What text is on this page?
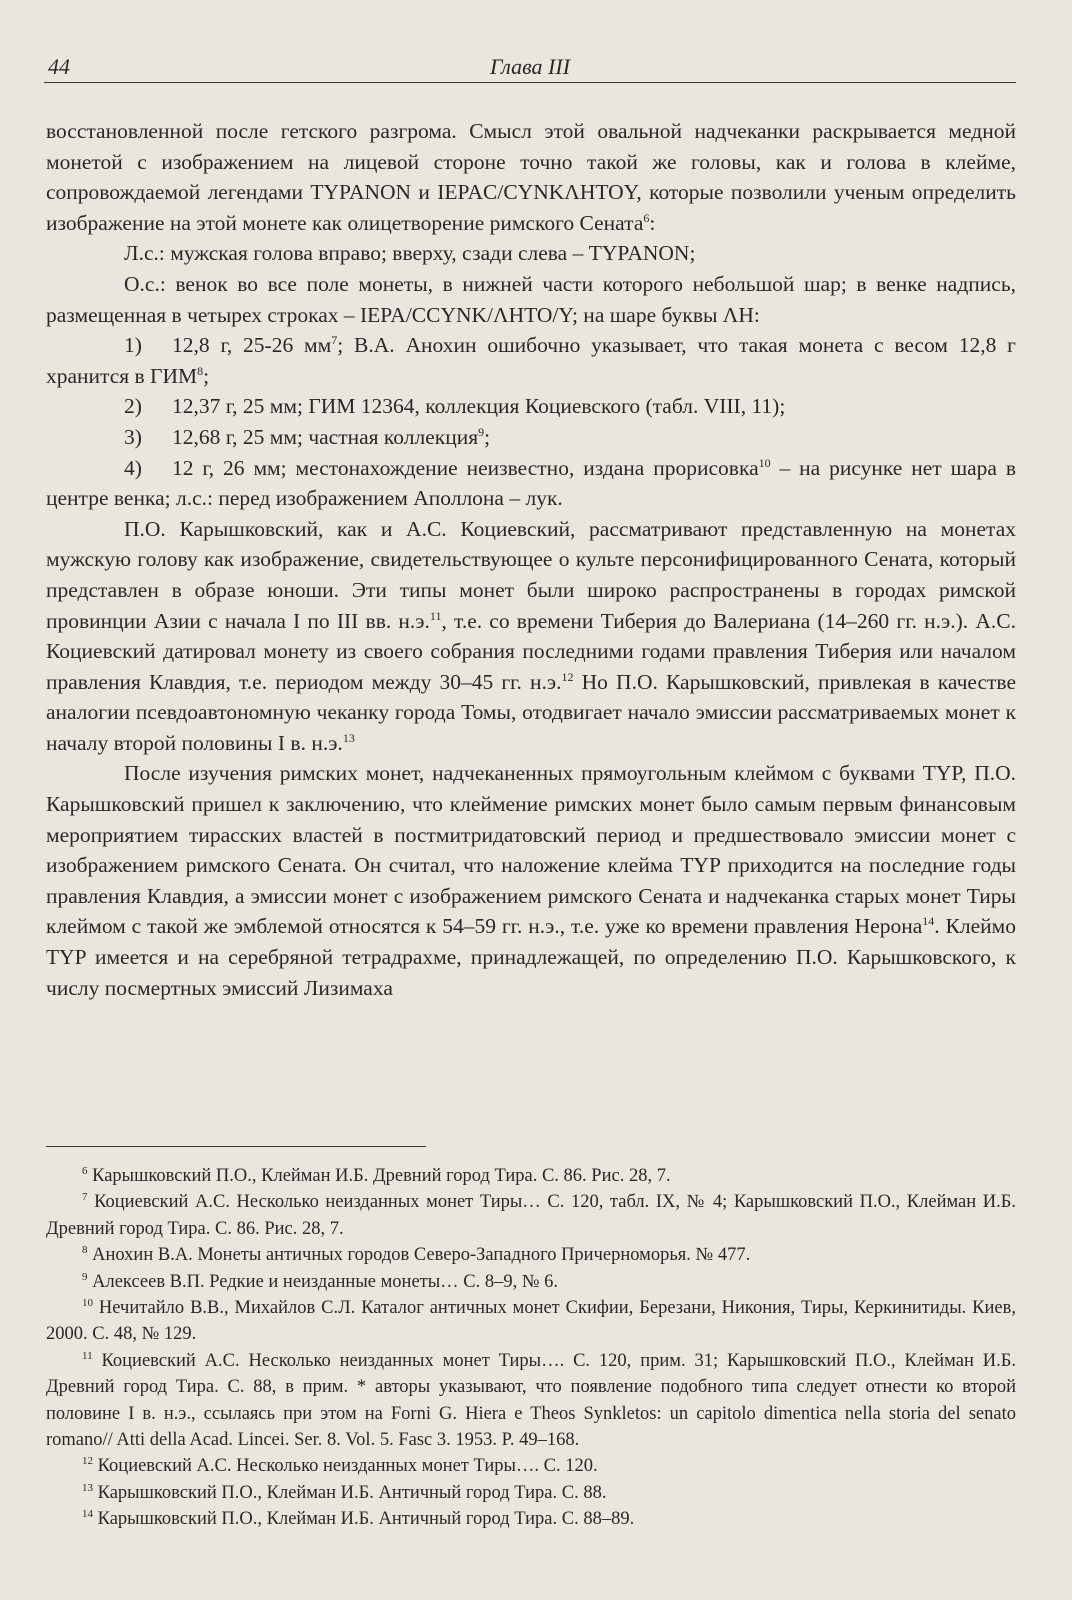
44	Глава III

восстановленной после гетского разгрома. Смысл этой овальной надчеканки раскрывается медной монетой с изображением на лицевой стороне точно такой же головы, как и голова в клейме, сопровождаемой легендами ТYPANON и IEPAC/CYNKΛHTOY, которые позволили ученым определить изображение на этой монете как олицетворение римского Сената$^6$:

Л.с.: мужская голова вправо; вверху, сзади слева – ТYPANON;

О.с.: венок во все поле монеты, в нижней части которого небольшой шар; в венке надпись, размещенная в четырех строках – IEPA/CCYNK/ΛΗΤΟ/Υ; на шаре буквы ΛΗ:

1) 12,8 г, 25-26 $мм^7$; В.А. Анохин ошибочно указывает, что такая монета с весом 12,8 г хранится в ГИМ$^8$;

2) 12,37 г, 25 мм; ГИМ 12364, коллекция Коциевского (табл. VIII, 11);

3) 12,68 г, 25 мм; частная коллекция$^9$;

4) 12 г, 26 мм; местонахождение неизвестно, издана прорисовка$^{10}$ – на рисунке нет шара в центре венка; л.с.: перед изображением Аполлона – лук.

П.О. Карышковский, как и А.С. Коциевский, рассматривают представленную на монетах мужскую голову как изображение, свидетельствующее о культе персонифицированного Сената, который представлен в образе юноши. Эти типы монет были широко распространены в городах римской провинции Азии с начала I по III вв. н.э.$^{11}$, т.е. со времени Тиберия до Валериана (14–260 гг. н.э.). А.С. Коциевский датировал монету из своего собрания последними годами правления Тиберия или началом правления Клавдия, т.е. периодом между 30–45 гг. н.э.$^{12}$ Но П.О. Карышковский, привлекая в качестве аналогии псевдоавтономную чеканку города Томы, отодвигает начало эмиссии рассматриваемых монет к началу второй половины I в. н.э.$^{13}$

После изучения римских монет, надчеканенных прямоугольным клеймом с буквами ТYP, П.О. Карышковский пришел к заключению, что клеймение римских монет было самым первым финансовым мероприятием тирасских властей в постмитридатовский период и предшествовало эмиссии монет с изображением римского Сената. Он считал, что наложение клейма ТYP приходится на последние годы правления Клавдия, а эмиссии монет с изображением римского Сената и надчеканка старых монет Тиры клеймом с такой же эмблемой относятся к 54–59 гг. н.э., т.е. уже ко времени правления Нерона$^{14}$. Клеймо ТYP имеется и на серебряной тетрадрахме, принадлежащей, по определению П.О. Карышковского, к числу посмертных эмиссий Лизимаха

$^6$ Карышковский П.О., Клейман И.Б. Древний город Тира. С. 86. Рис. 28, 7.

$^7$ Коциевский А.С. Несколько неизданных монет Тиры… С. 120, табл. IX, № 4; Карышковский П.О., Клейман И.Б. Древний город Тира. С. 86. Рис. 28, 7.

$^8$ Анохин В.А. Монеты античных городов Северо-Западного Причерноморья. № 477.

$^9$ Алексеев В.П. Редкие и неизданные монеты… С. 8–9, № 6.

$^{10}$ Нечитайло В.В., Михайлов С.Л. Каталог античных монет Скифии, Березани, Никония, Тиры, Керкинитиды. Киев, 2000. С. 48, № 129.

$^{11}$ Коциевский А.С. Несколько неизданных монет Тиры…. С. 120, прим. 31; Карышковский П.О., Клейман И.Б. Древний город Тира. С. 88, в прим. * авторы указывают, что появление подобного типа следует отнести ко второй половине I в. н.э., ссылаясь при этом на Forni G. Hiera e Theos Synkletos: un capitolo dimentica nella storia del senato romano// Atti della Acad. Lincei. Ser. 8. Vol. 5. Fasc 3. 1953. P. 49–168.

$^{12}$ Коциевский А.С. Несколько неизданных монет Тиры…. С. 120.

$^{13}$ Карышковский П.О., Клейман И.Б. Античный город Тира. С. 88.

$^{14}$ Карышковский П.О., Клейман И.Б. Античный город Тира. С. 88–89.
